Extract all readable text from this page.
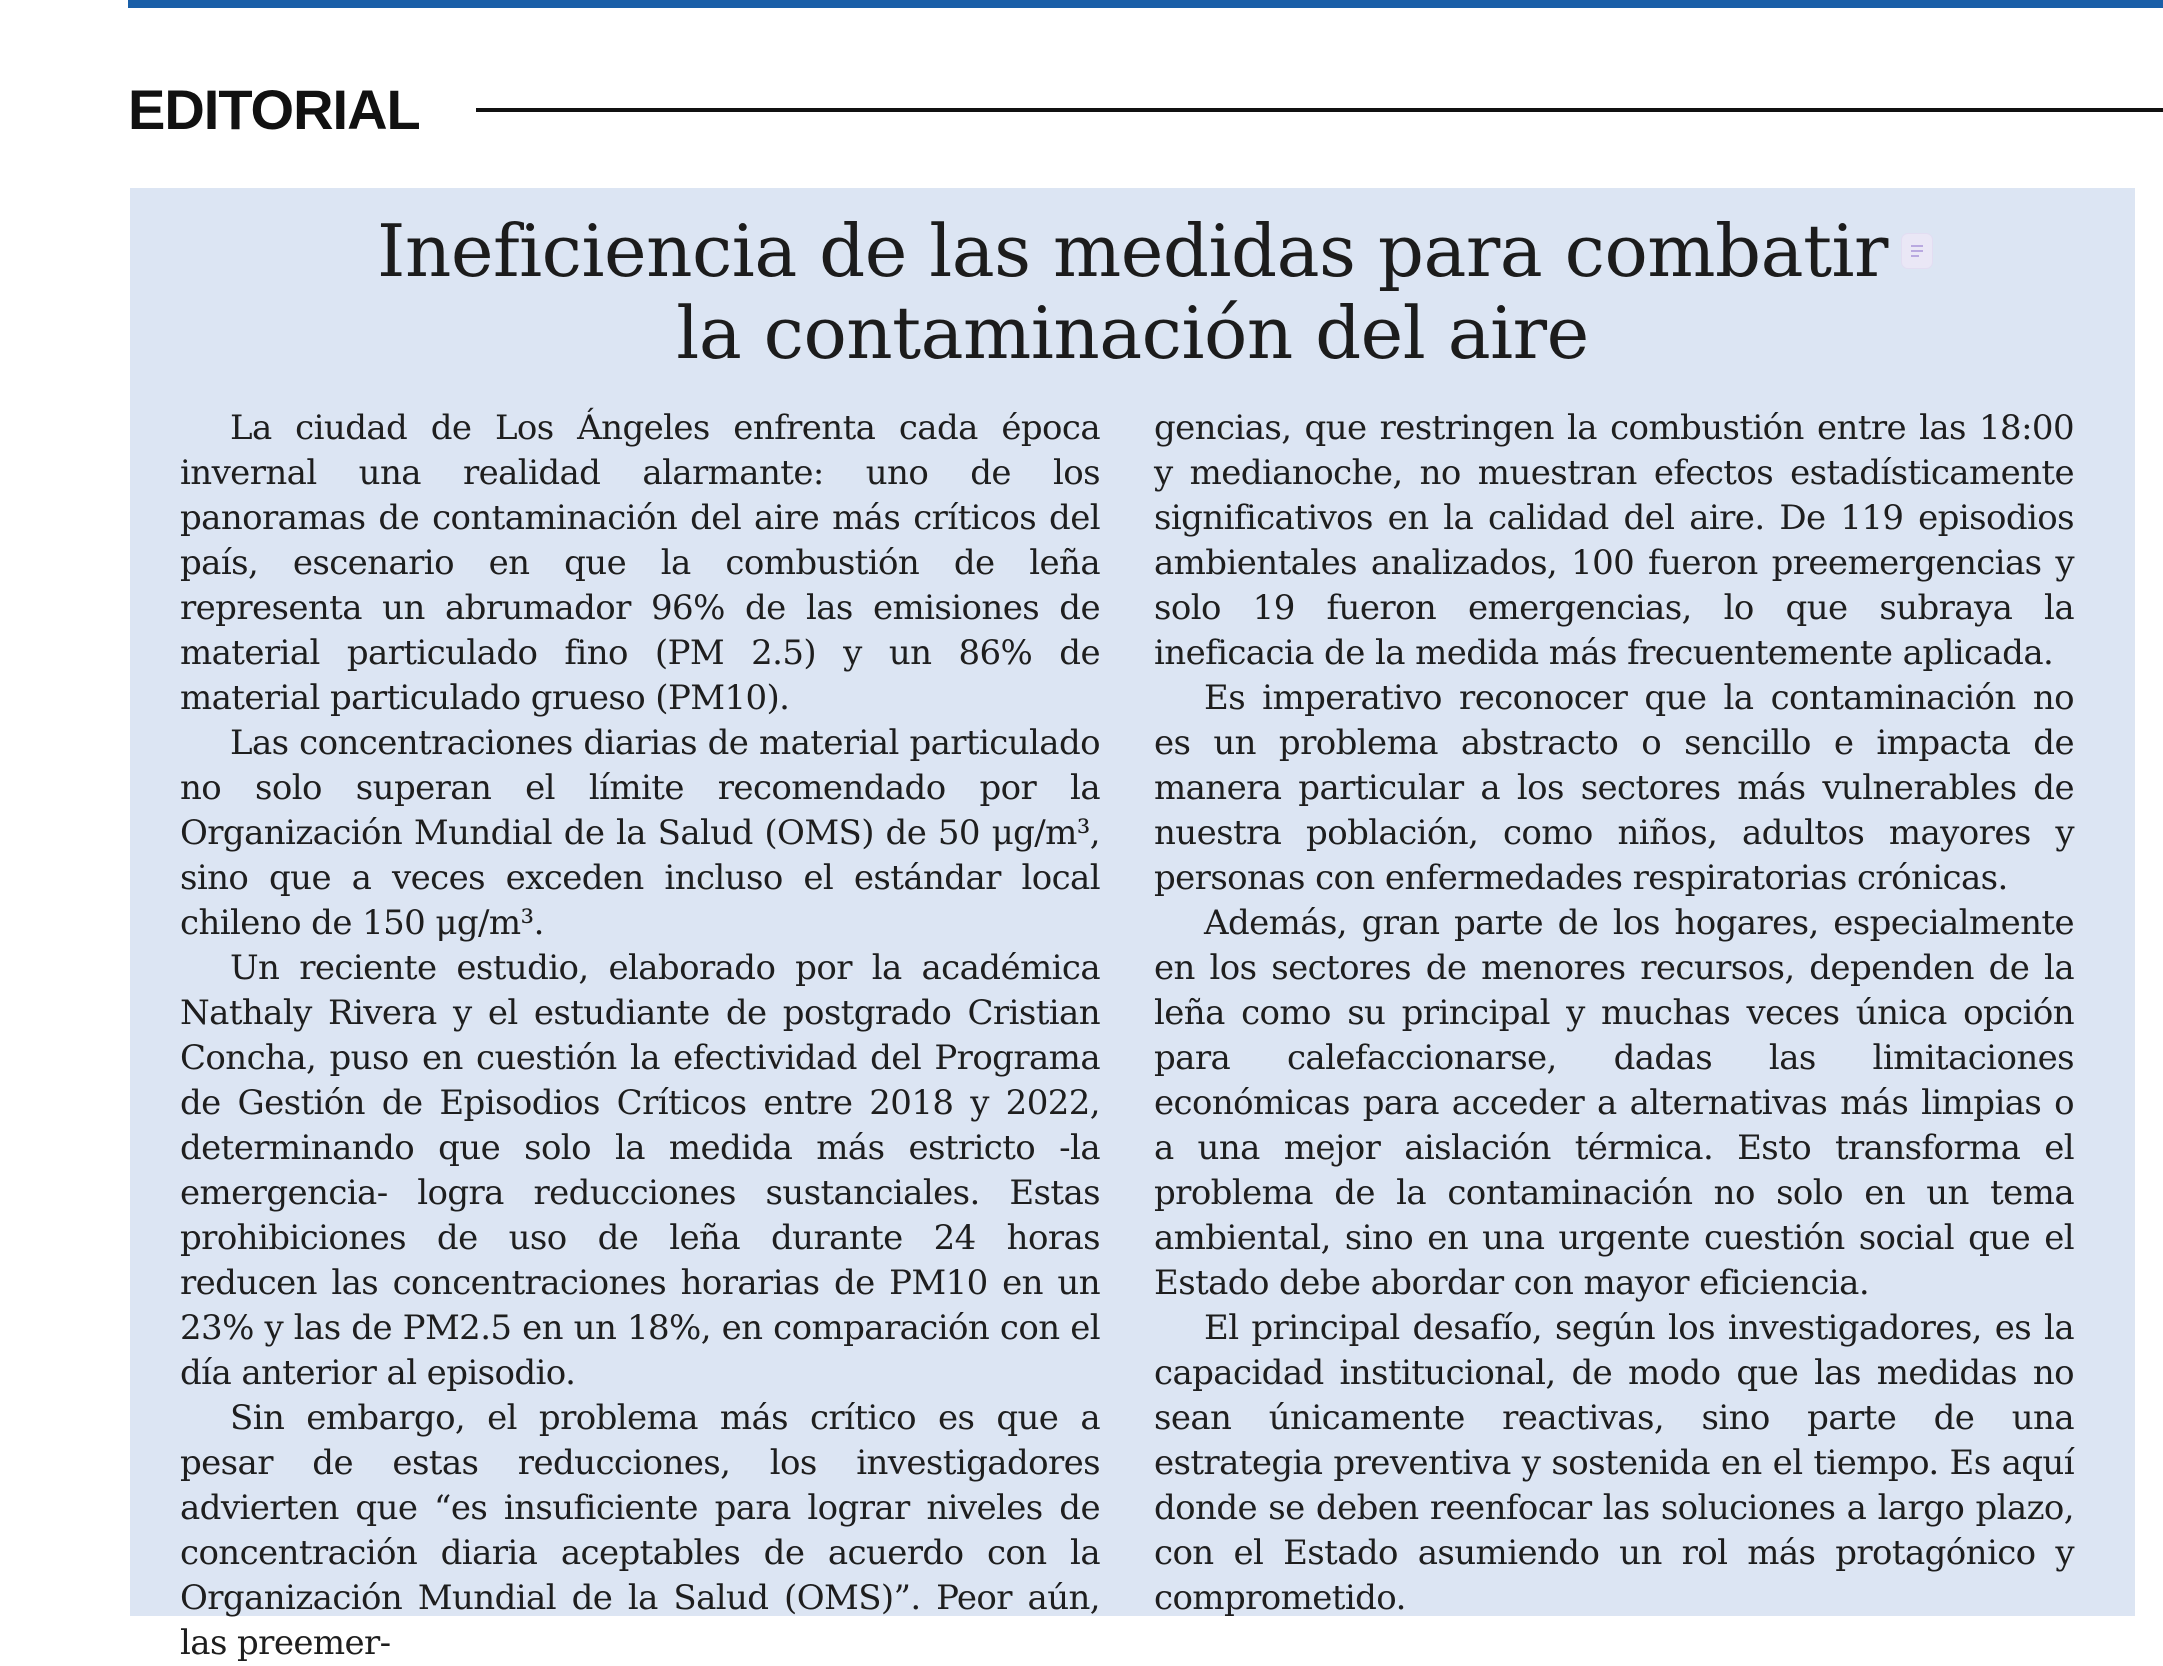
EDITORIAL
Ineficiencia de las medidas para combatir
la contaminación del aire

La ciudad de Los Ángeles enfrenta cada época invernal una realidad alarmante: uno de los panoramas de contaminación del aire más críticos del país, escenario en que la combustión de leña representa un abrumador 96% de las emisiones de material particulado fino (PM 2.5) y un 86% de material particulado grueso (PM10).

Las concentraciones diarias de material particulado no solo superan el límite recomendado por la Organización Mundial de la Salud (OMS) de 50 μg/m³, sino que a veces exceden incluso el estándar local chileno de 150 μg/m³.

Un reciente estudio, elaborado por la académica Nathaly Rivera y el estudiante de postgrado Cristian Concha, puso en cuestión la efectividad del Programa de Gestión de Episodios Críticos entre 2018 y 2022, determinando que solo la medida más estricto -la emergencia- logra reducciones sustanciales. Estas prohibiciones de uso de leña durante 24 horas reducen las concentraciones horarias de PM10 en un 23% y las de PM2.5 en un 18%, en comparación con el día anterior al episodio.

Sin embargo, el problema más crítico es que a pesar de estas reducciones, los investigadores advierten que “es insuficiente para lograr niveles de concentración diaria aceptables de acuerdo con la Organización Mundial de la Salud (OMS)”. Peor aún, las preemer-

gencias, que restringen la combustión entre las 18:00 y medianoche, no muestran efectos estadísticamente significativos en la calidad del aire. De 119 episodios ambientales analizados, 100 fueron preemergencias y solo 19 fueron emergencias, lo que subraya la ineficacia de la medida más frecuentemente aplicada.

Es imperativo reconocer que la contaminación no es un problema abstracto o sencillo e impacta de manera particular a los sectores más vulnerables de nuestra población, como niños, adultos mayores y personas con enfermedades respiratorias crónicas.

Además, gran parte de los hogares, especialmente en los sectores de menores recursos, dependen de la leña como su principal y muchas veces única opción para calefaccionarse, dadas las limitaciones económicas para acceder a alternativas más limpias o a una mejor aislación térmica. Esto transforma el problema de la contaminación no solo en un tema ambiental, sino en una urgente cuestión social que el Estado debe abordar con mayor eficiencia.

El principal desafío, según los investigadores, es la capacidad institucional, de modo que las medidas no sean únicamente reactivas, sino parte de una estrategia preventiva y sostenida en el tiempo. Es aquí donde se deben reenfocar las soluciones a largo plazo, con el Estado asumiendo un rol más protagónico y comprometido.
